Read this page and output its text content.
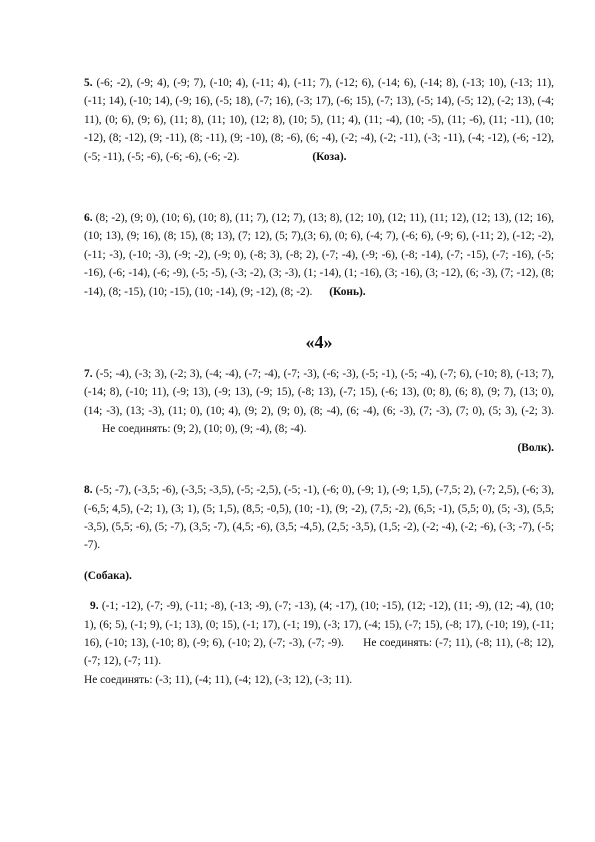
5. (-6; -2), (-9; 4), (-9; 7), (-10; 4), (-11; 4), (-11; 7), (-12; 6), (-14; 6), (-14; 8), (-13; 10), (-13; 11), (-11; 14), (-10; 14), (-9; 16), (-5; 18), (-7; 16), (-3; 17), (-6; 15), (-7; 13), (-5; 14), (-5; 12), (-2; 13), (-4; 11), (0; 6), (9; 6), (11; 8), (11; 10), (12; 8), (10; 5), (11; 4), (11; -4), (10; -5), (11; -6), (11; -11), (10; -12), (8; -12), (9; -11), (8; -11), (9; -10), (8; -6), (6; -4), (-2; -4), (-2; -11), (-3; -11), (-4; -12), (-6; -12), (-5; -11), (-5; -6), (-6; -6), (-6; -2).	(Коза).

6. (8; -2), (9; 0), (10; 6), (10; 8), (11; 7), (12; 7), (13; 8), (12; 10), (12; 11), (11; 12), (12; 13), (12; 16), (10; 13), (9; 16), (8; 15), (8; 13), (7; 12), (5; 7),(3; 6), (0; 6), (-4; 7), (-6; 6), (-9; 6), (-11; 2), (-12; -2), (-11; -3), (-10; -3), (-9; -2), (-9; 0), (-8; 3), (-8; 2), (-7; -4), (-9; -6), (-8; -14), (-7; -15), (-7; -16), (-5; -16), (-6; -14), (-6; -9), (-5; -5), (-3; -2), (3; -3), (1; -14), (1; -16), (3; -16), (3; -12), (6; -3), (7; -12), (8; -14), (8; -15), (10; -15), (10; -14), (9; -12), (8; -2). (Конь).

«4»

7. (-5; -4), (-3; 3), (-2; 3), (-4; -4), (-7; -4), (-7; -3), (-6; -3), (-5; -1), (-5; -4), (-7; 6), (-10; 8), (-13; 7), (-14; 8), (-10; 11), (-9; 13), (-9; 13), (-9; 15), (-8; 13), (-7; 15), (-6; 13), (0; 8), (6; 8), (9; 7), (13; 0), (14; -3), (13; -3), (11; 0), (10; 4), (9; 2), (9; 0), (8; -4), (6; -4), (6; -3), (7; -3), (7; 0), (5; 3), (-2; 3). Не соединять: (9; 2), (10; 0), (9; -4), (8; -4).

(Волк).

8. (-5; -7), (-3,5; -6), (-3,5; -3,5), (-5; -2,5), (-5; -1), (-6; 0), (-9; 1), (-9; 1,5), (-7,5; 2), (-7; 2,5), (-6; 3), (-6,5; 4,5), (-2; 1), (3; 1), (5; 1,5), (8,5; -0,5), (10; -1), (9; -2), (7,5; -2), (6,5; -1), (5,5; 0), (5; -3), (5,5; -3,5), (5,5; -6), (5; -7), (3,5; -7), (4,5; -6), (3,5; -4,5), (2,5; -3,5), (1,5; -2), (-2; -4), (-2; -6), (-3; -7), (-5; -7).

(Собака).

9. (-1; -12), (-7; -9), (-11; -8), (-13; -9), (-7; -13), (4; -17), (10; -15), (12; -12), (11; -9), (12; -4), (10; 1), (6; 5), (-1; 9), (-1; 13), (0; 15), (-1; 17), (-1; 19), (-3; 17), (-4; 15), (-7; 15), (-8; 17), (-10; 19), (-11; 16), (-10; 13), (-10; 8), (-9; 6), (-10; 2), (-7; -3), (-7; -9). Не соединять: (-7; 11), (-8; 11), (-8; 12), (-7; 12), (-7; 11).

Не соединять: (-3; 11), (-4; 11), (-4; 12), (-3; 12), (-3; 11).
